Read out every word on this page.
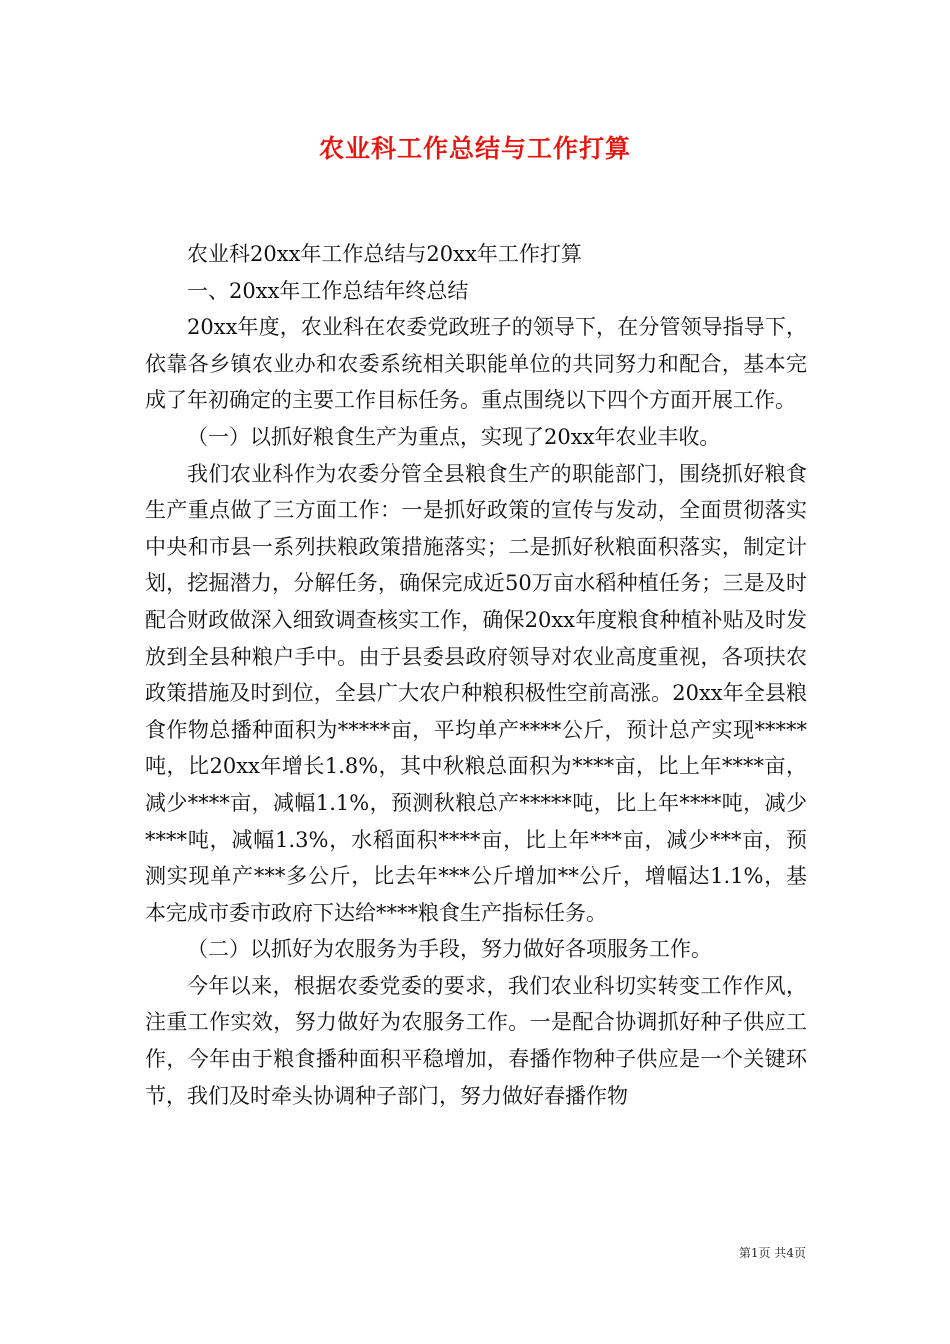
农业科工作总结与工作打算

农业科20xx年工作总结与20xx年工作打算

一、20xx年工作总结年终总结

20xx年度，农业科在农委党政班子的领导下，在分管领导指导下，依靠各乡镇农业办和农委系统相关职能单位的共同努力和配合，基本完成了年初确定的主要工作目标任务。重点围绕以下四个方面开展工作。

（一）以抓好粮食生产为重点，实现了20xx年农业丰收。

我们农业科作为农委分管全县粮食生产的职能部门，围绕抓好粮食生产重点做了三方面工作：一是抓好政策的宣传与发动，全面贯彻落实中央和市县一系列扶粮政策措施落实；二是抓好秋粮面积落实，制定计划，挖掘潜力，分解任务，确保完成近50万亩水稻种植任务；三是及时配合财政做深入细致调查核实工作，确保20xx年度粮食种植补贴及时发放到全县种粮户手中。由于县委县政府领导对农业高度重视，各项扶农政策措施及时到位，全县广大农户种粮积极性空前高涨。20xx年全县粮食作物总播种面积为*****亩，平均单产****公斤，预计总产实现*****吨，比20xx年增长1.8%，其中秋粮总面积为****亩，比上年****亩，减少****亩，减幅1.1%，预测秋粮总产*****吨，比上年****吨，减少****吨，减幅1.3%，水稻面积****亩，比上年***亩，减少***亩，预测实现单产***多公斤，比去年***公斤增加**公斤，增幅达1.1%，基本完成市委市政府下达给****粮食生产指标任务。

（二）以抓好为农服务为手段，努力做好各项服务工作。

今年以来，根据农委党委的要求，我们农业科切实转变工作作风，注重工作实效，努力做好为农服务工作。一是配合协调抓好种子供应工作，今年由于粮食播种面积平稳增加，春播作物种子供应是一个关键环节，我们及时牵头协调种子部门，努力做好春播作物

第1页 共4页
